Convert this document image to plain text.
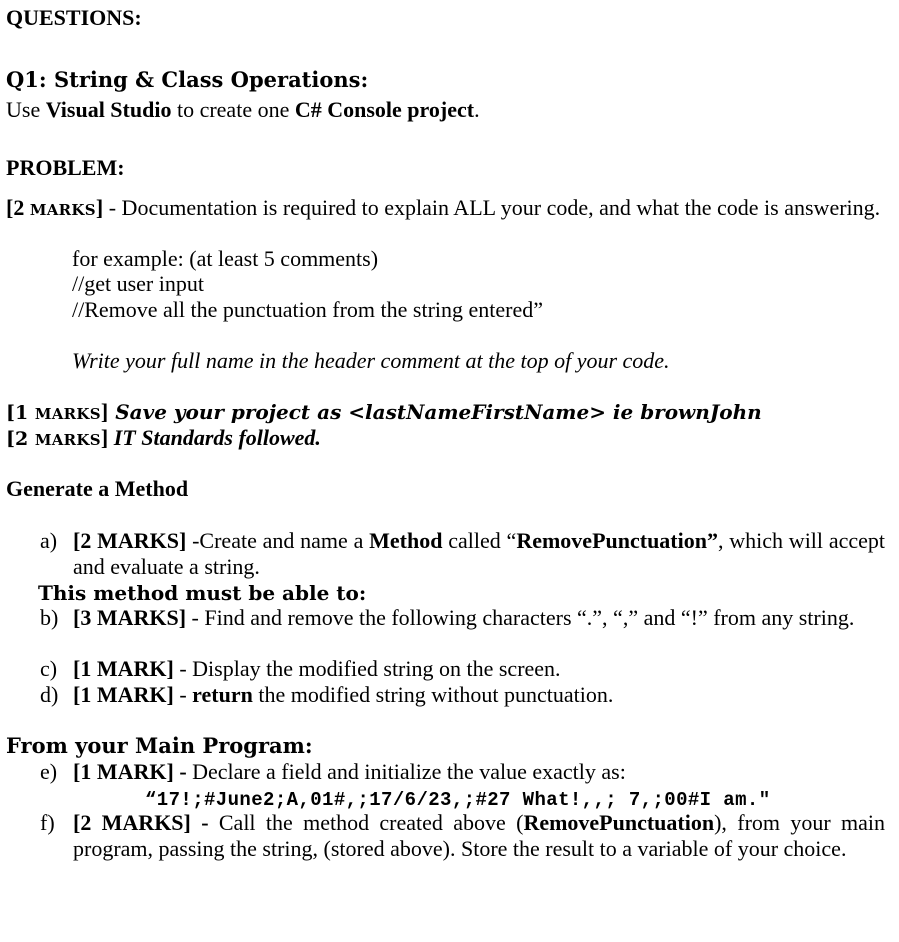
QUESTIONS:
Q1: String & Class Operations:
Use Visual Studio to create one C# Console project.
PROBLEM:
[2 MARKS] - Documentation is required to explain ALL your code, and what the code is answering.
for example: (at least 5 comments)
//get user input
//Remove all the punctuation from the string entered”
Write your full name in the header comment at the top of your code.
[1 MARKS] Save your project as <lastNameFirstName> ie brownJohn
[2 MARKS] IT Standards followed.
Generate a Method
a) [2 MARKS] -Create and name a Method called “RemovePunctuation”, which will accept and evaluate a string.
This method must be able to:
b) [3 MARKS] - Find and remove the following characters “.”, “,” and “!” from any string.
c) [1 MARK] - Display the modified string on the screen.
d) [1 MARK] - return the modified string without punctuation.
From your Main Program:
e) [1 MARK] - Declare a field and initialize the value exactly as:
“17!;#June2;A,01#,;17/6/23,;#27 What!,,; 7,;00#I am."
f) [2 MARKS] - Call the method created above (RemovePunctuation), from your main program, passing the string, (stored above). Store the result to a variable of your choice.
